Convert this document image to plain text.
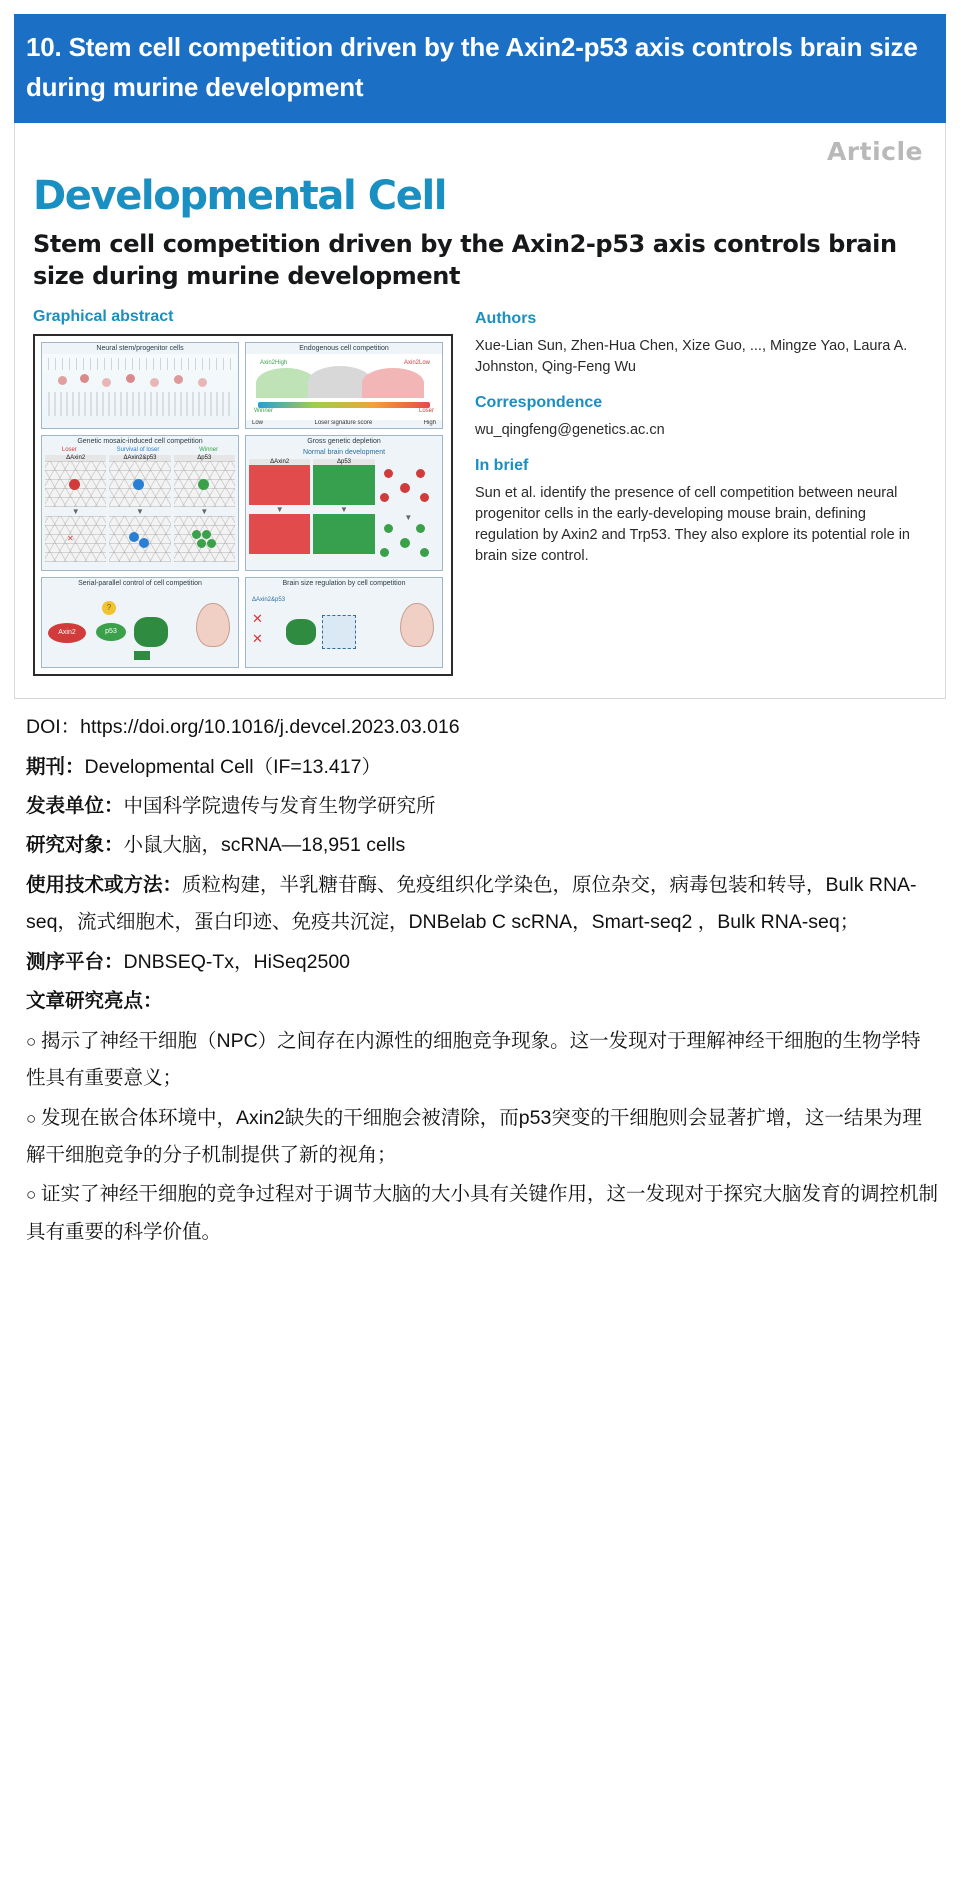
10. Stem cell competition driven by the Axin2-p53 axis controls brain size during murine development
Article
Developmental Cell
Stem cell competition driven by the Axin2-p53 axis controls brain size during murine development
Graphical abstract
Neural stem/progenitor cells	Endogenous cell competition
Axin2High	Axin2Low
Winner	Loser
Low	Loser signature score	High
Genetic mosaic-induced cell competition
Loser	Survival of loser	Winner
ΔAxin2
▼
✕
ΔAxin2&p53
▼
Δp53
▼
Gross genetic depletion
Normal brain development
ΔAxin2
▼
Δp53
▼
▼
Serial-parallel control of cell competition
Axin2	p53
?
Brain size regulation by cell competition
✕
✕
ΔAxin2&p53
Authors
Xue-Lian Sun, Zhen-Hua Chen, Xize Guo, ..., Mingze Yao, Laura A. Johnston, Qing-Feng Wu
Correspondence
wu_qingfeng@genetics.ac.cn
In brief
Sun et al. identify the presence of cell competition between neural progenitor cells in the early-developing mouse brain, defining regulation by Axin2 and Trp53. They also explore its potential role in brain size control.

DOI：https://doi.org/10.1016/j.devcel.2023.03.016

期刊：Developmental Cell（IF=13.417）

发表单位：中国科学院遗传与发育生物学研究所

研究对象：小鼠大脑，scRNA—18,951 cells

使用技术或方法：质粒构建，半乳糖苷酶、免疫组织化学染色，原位杂交，病毒包装和转导，Bulk RNA-seq，流式细胞术，蛋白印迹、免疫共沉淀，DNBelab C scRNA，Smart-seq2 ，Bulk RNA-seq；

测序平台：DNBSEQ-Tx，HiSeq2500

文章研究亮点：

○ 揭示了神经干细胞（NPC）之间存在内源性的细胞竞争现象。这一发现对于理解神经干细胞的生物学特性具有重要意义；

○ 发现在嵌合体环境中，Axin2缺失的干细胞会被清除，而p53突变的干细胞则会显著扩增，这一结果为理解干细胞竞争的分子机制提供了新的视角；

○ 证实了神经干细胞的竞争过程对于调节大脑的大小具有关键作用，这一发现对于探究大脑发育的调控机制具有重要的科学价值。
